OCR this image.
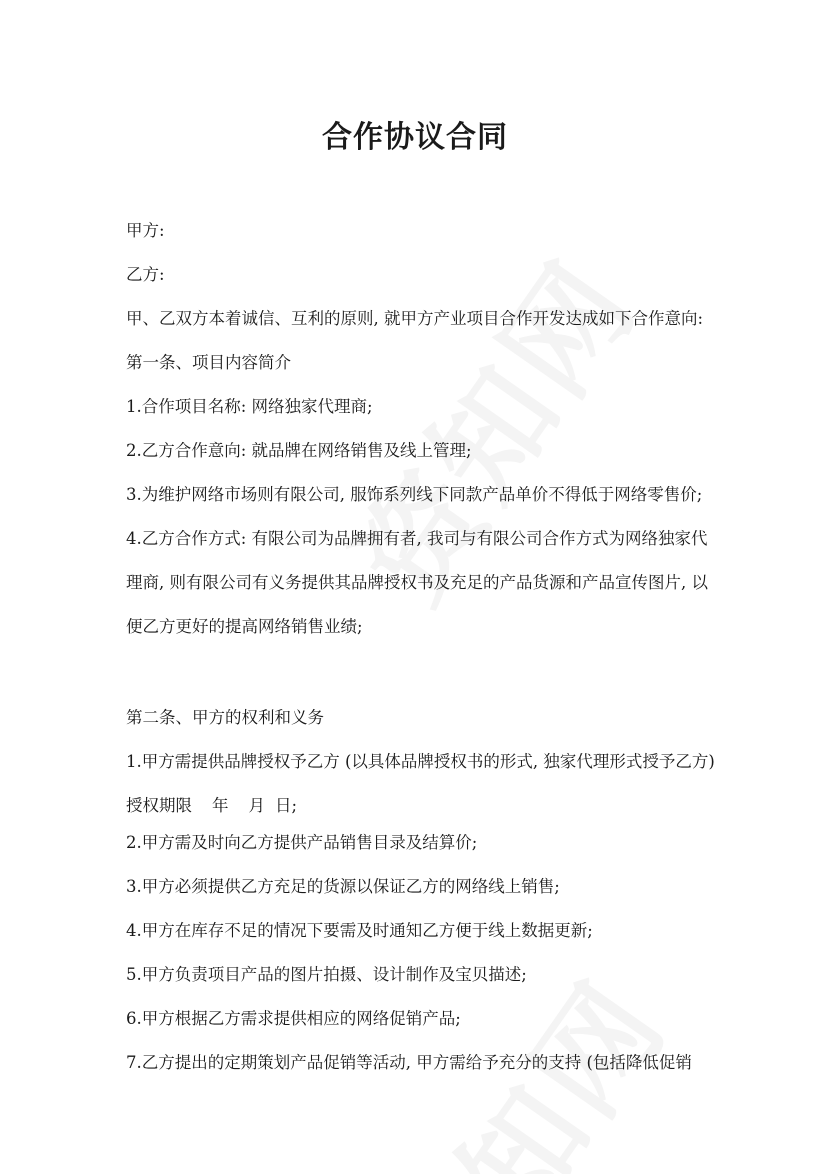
合作协议合同
甲方:
乙方:
甲、乙双方本着诚信、互利的原则, 就甲方产业项目合作开发达成如下合作意向:
第一条、项目内容简介
1.合作项目名称: 网络独家代理商;
2.乙方合作意向: 就品牌在网络销售及线上管理;
3.为维护网络市场则有限公司, 服饰系列线下同款产品单价不得低于网络零售价;
4.乙方合作方式: 有限公司为品牌拥有者, 我司与有限公司合作方式为网络独家代理商, 则有限公司有义务提供其品牌授权书及充足的产品货源和产品宣传图片, 以便乙方更好的提高网络销售业绩;
第二条、甲方的权利和义务
1.甲方需提供品牌授权予乙方 (以具体品牌授权书的形式, 独家代理形式授予乙方) 授权期限 年 月 日;
2.甲方需及时向乙方提供产品销售目录及结算价;
3.甲方必须提供乙方充足的货源以保证乙方的网络线上销售;
4.甲方在库存不足的情况下要需及时通知乙方便于线上数据更新;
5.甲方负责项目产品的图片拍摄、设计制作及宝贝描述;
6.甲方根据乙方需求提供相应的网络促销产品;
7.乙方提出的定期策划产品促销等活动, 甲方需给予充分的支持 (包括降低促销
